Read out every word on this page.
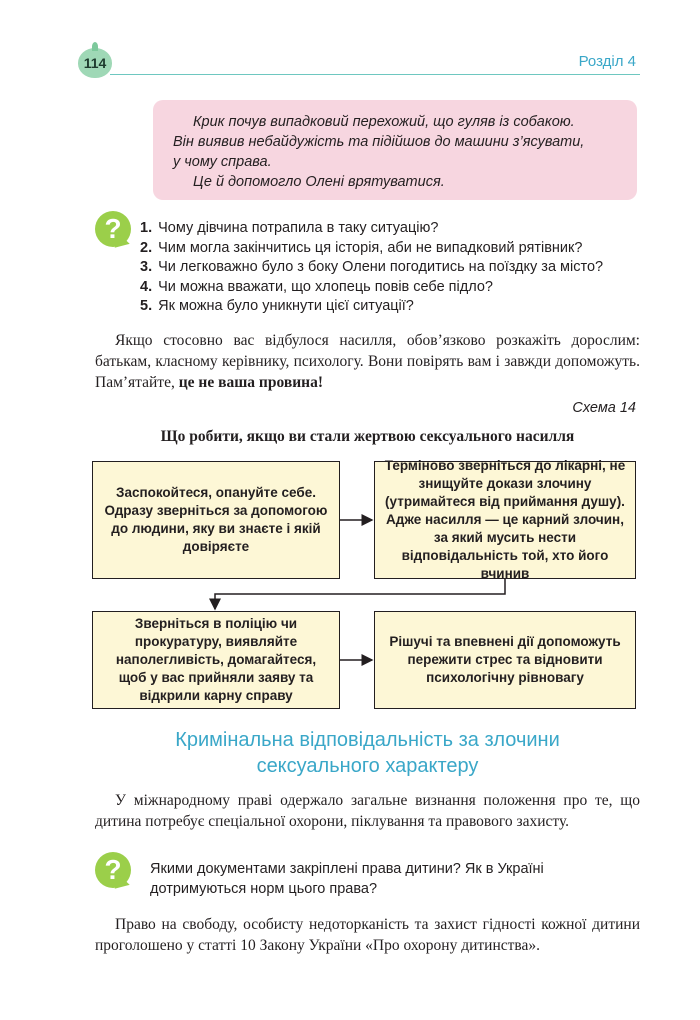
114	Розділ 4
Крик почув випадковий перехожий, що гуляв із собакою.
Він виявив небайдужість та підійшов до машини з’ясувати,
у чому справа.
Це й допомогло Олені врятуватися.
?	1. Чому дівчина потрапила в таку ситуацію?
2. Чим могла закінчитись ця історія, аби не випадковий рятівник?
3. Чи легковажно було з боку Олени погодитись на поїздку за місто?
4. Чи можна вважати, що хлопець повів себе підло?
5. Як можна було уникнути цієї ситуації?
Якщо стосовно вас відбулося насилля, обов’язково розкажіть дорослим: батькам, класному керівнику, психологу. Вони повірять вам і завжди допоможуть. Пам’ятайте, це не ваша провина!
Схема 14
Що робити, якщо ви стали жертвою сексуального насилля
Заспокойтеся, опануйте себе. Одразу зверніться за допомогою до людини, яку ви знаєте і якій довіряєте
Терміново зверніться до лікарні, не знищуйте докази злочину (утримайтеся від приймання душу). Адже насилля — це карний злочин, за який мусить нести відповідальність той, хто його вчинив
Зверніться в поліцію чи прокуратуру, виявляйте наполегливість, домагайтеся, щоб у вас прийняли заяву та відкрили карну справу
Рішучі та впевнені дії допоможуть пережити стрес та відновити психологічну рівновагу
Кримінальна відповідальність за злочини
сексуального характеру
У міжнародному праві одержало загальне визнання положення про те, що дитина потребує спеціальної охорони, піклування та правового захисту.
?	Якими документами закріплені права дитини? Як в Україні дотримуються норм цього права?
Право на свободу, особисту недоторканість та захист гідності кожної дитини проголошено у статті 10 Закону України «Про охорону дитинства».
